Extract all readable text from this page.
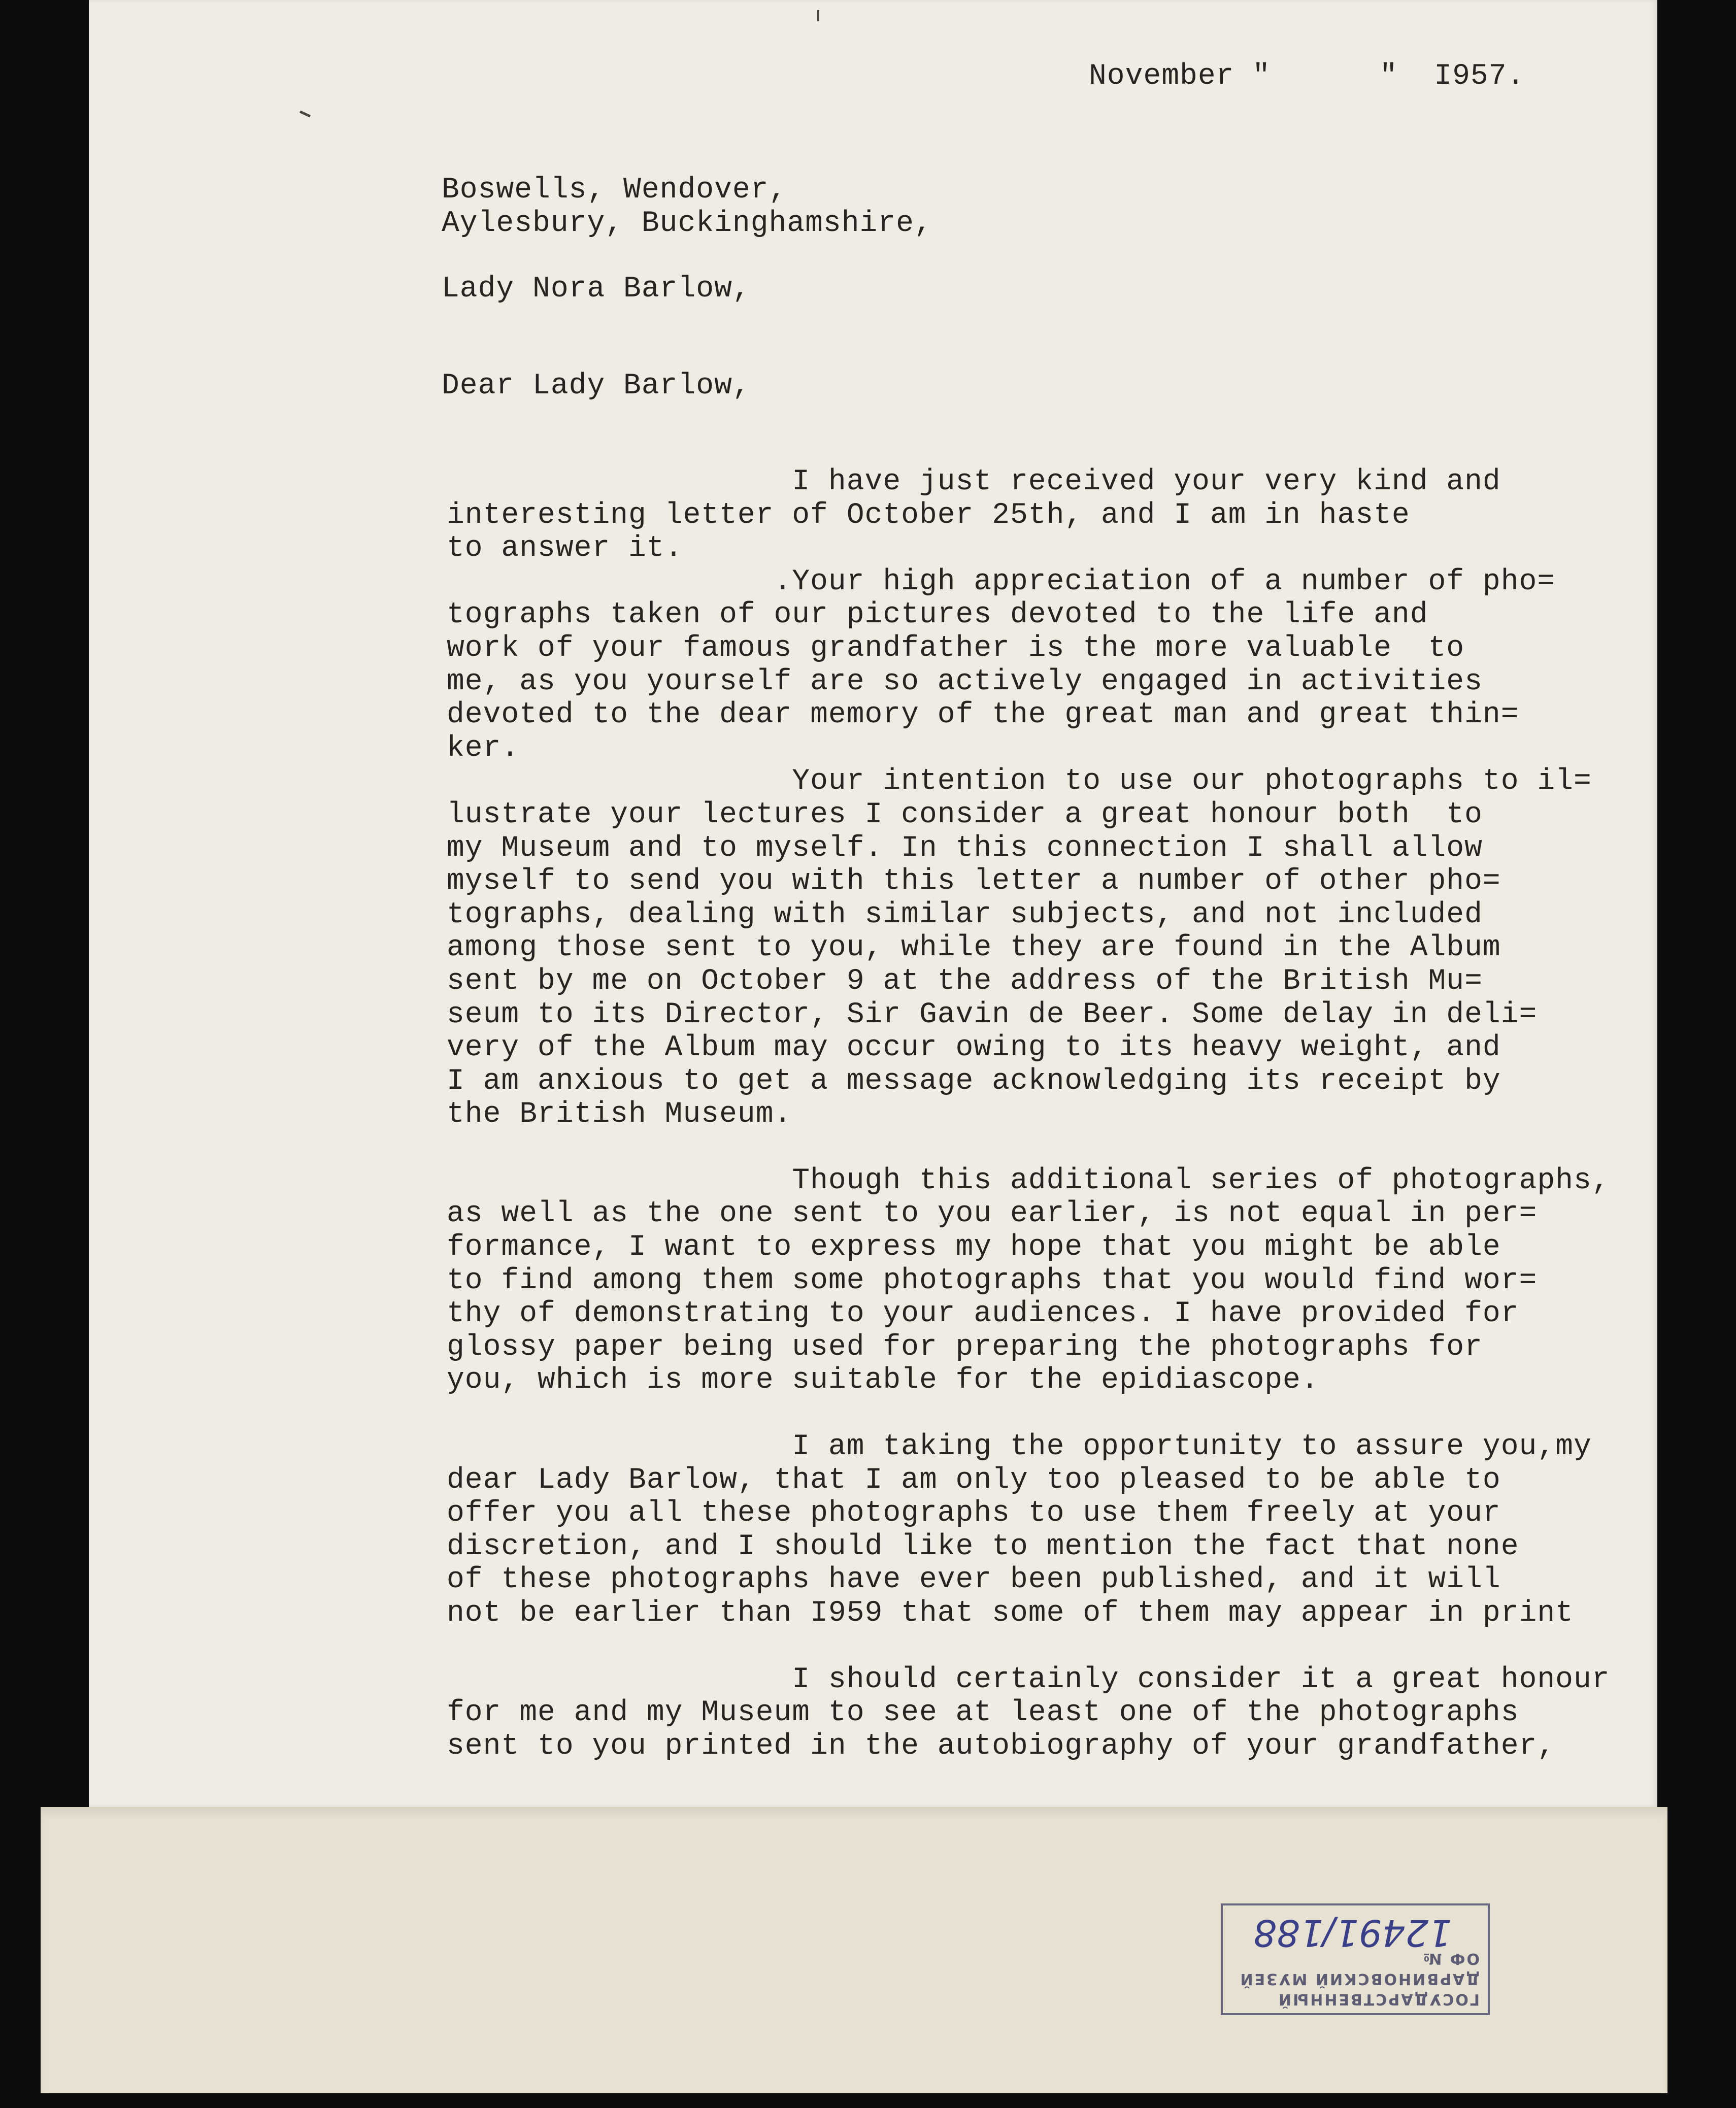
November "      "  I957.

Boswells, Wendover,
Aylesbury, Buckinghamshire,

Lady Nora Barlow,

Dear Lady Barlow,

I have just received your very kind and
interesting letter of October 25th, and I am in haste
to answer it.
.Your high appreciation of a number of pho=
tographs taken of our pictures devoted to the life and
work of your famous grandfather is the more valuable  to
me, as you yourself are so actively engaged in activities
devoted to the dear memory of the great man and great thin=
ker.
Your intention to use our photographs to il=
lustrate your lectures I consider a great honour both  to
my Museum and to myself. In this connection I shall allow
myself to send you with this letter a number of other pho=
tographs, dealing with similar subjects, and not included
among those sent to you, while they are found in the Album
sent by me on October 9 at the address of the British Mu=
seum to its Director, Sir Gavin de Beer. Some delay in deli=
very of the Album may occur owing to its heavy weight, and
I am anxious to get a message acknowledging its receipt by
the British Museum.
Though this additional series of photographs,
as well as the one sent to you earlier, is not equal in per=
formance, I want to express my hope that you might be able
to find among them some photographs that you would find wor=
thy of demonstrating to your audiences. I have provided for
glossy paper being used for preparing the photographs for
you, which is more suitable for the epidiascope.
I am taking the opportunity to assure you,my
dear Lady Barlow, that I am only too pleased to be able to
offer you all these photographs to use them freely at your
discretion, and I should like to mention the fact that none
of these photographs have ever been published, and it will
not be earlier than I959 that some of them may appear in print
I should certainly consider it a great honour
for me and my Museum to see at least one of the photographs
sent to you printed in the autobiography of your grandfather,
ГОСУДАРСТВЕННЫЙ
ДАРВИНОВСКИЙ МУЗЕЙ
ОФ №
12491/188
